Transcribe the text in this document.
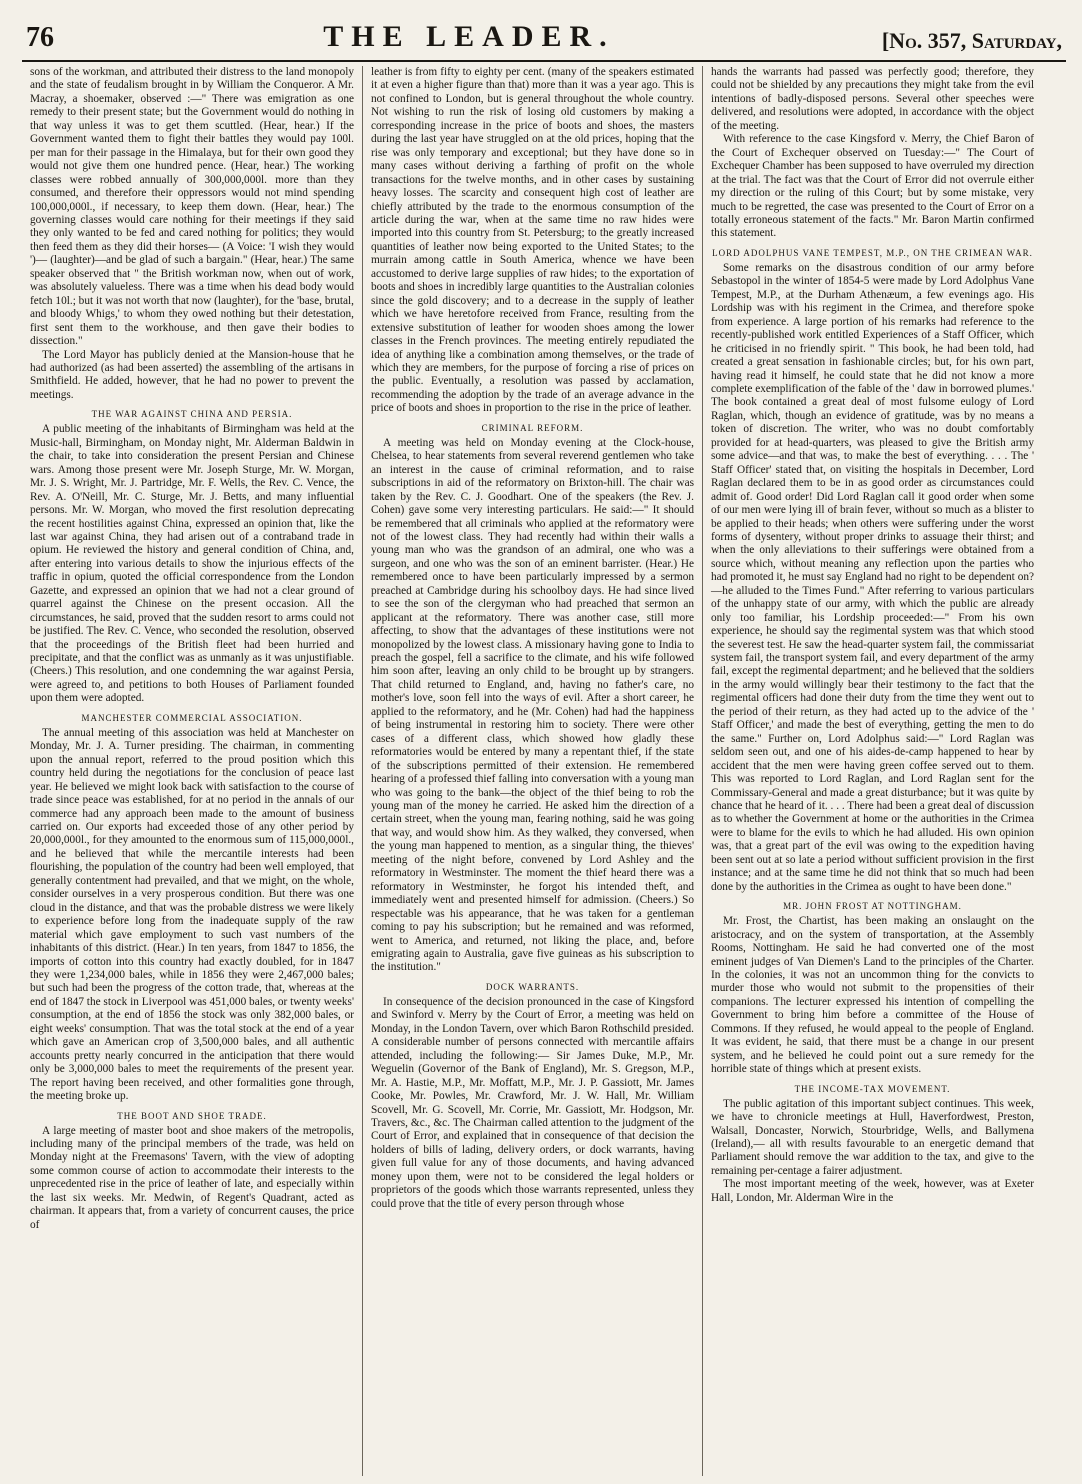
76	THE LEADER.	[No. 357, Saturday,

sons of the workman, and attributed their distress to the land monopoly and the state of feudalism brought in by William the Conqueror. A Mr. Macray, a shoemaker, observed :—" There was emigration as one remedy to their present state; but the Government would do nothing in that way unless it was to get them scuttled. (Hear, hear.) If the Government wanted them to fight their battles they would pay 100l. per man for their passage in the Himalaya, but for their own good they would not give them one hundred pence. (Hear, hear.) The working classes were robbed annually of 300,000,000l. more than they consumed, and therefore their oppressors would not mind spending 100,000,000l., if necessary, to keep them down. (Hear, hear.) The governing classes would care nothing for their meetings if they said they only wanted to be fed and cared nothing for politics; they would then feed them as they did their horses— (A Voice: 'I wish they would ')— (laughter)—and be glad of such a bargain." (Hear, hear.) The same speaker observed that " the British workman now, when out of work, was absolutely valueless. There was a time when his dead body would fetch 10l.; but it was not worth that now (laughter), for the 'base, brutal, and bloody Whigs,' to whom they owed nothing but their detestation, first sent them to the workhouse, and then gave their bodies to dissection."

The Lord Mayor has publicly denied at the Mansion-house that he had authorized (as had been asserted) the assembling of the artisans in Smithfield. He added, however, that he had no power to prevent the meetings.

THE WAR AGAINST CHINA AND PERSIA.

A public meeting of the inhabitants of Birmingham was held at the Music-hall, Birmingham, on Monday night, Mr. Alderman Baldwin in the chair, to take into consideration the present Persian and Chinese wars. Among those present were Mr. Joseph Sturge, Mr. W. Morgan, Mr. J. S. Wright, Mr. J. Partridge, Mr. F. Wells, the Rev. C. Vence, the Rev. A. O'Neill, Mr. C. Sturge, Mr. J. Betts, and many influential persons. Mr. W. Morgan, who moved the first resolution deprecating the recent hostilities against China, expressed an opinion that, like the last war against China, they had arisen out of a contraband trade in opium. He reviewed the history and general condition of China, and, after entering into various details to show the injurious effects of the traffic in opium, quoted the official correspondence from the London Gazette, and expressed an opinion that we had not a clear ground of quarrel against the Chinese on the present occasion. All the circumstances, he said, proved that the sudden resort to arms could not be justified. The Rev. C. Vence, who seconded the resolution, observed that the proceedings of the British fleet had been hurried and precipitate, and that the conflict was as unmanly as it was unjustifiable. (Cheers.) This resolution, and one condemning the war against Persia, were agreed to, and petitions to both Houses of Parliament founded upon them were adopted.

MANCHESTER COMMERCIAL ASSOCIATION.

The annual meeting of this association was held at Manchester on Monday, Mr. J. A. Turner presiding. The chairman, in commenting upon the annual report, referred to the proud position which this country held during the negotiations for the conclusion of peace last year. He believed we might look back with satisfaction to the course of trade since peace was established, for at no period in the annals of our commerce had any approach been made to the amount of business carried on. Our exports had exceeded those of any other period by 20,000,000l., for they amounted to the enormous sum of 115,000,000l., and he believed that while the mercantile interests had been flourishing, the population of the country had been well employed, that generally contentment had prevailed, and that we might, on the whole, consider ourselves in a very prosperous condition. But there was one cloud in the distance, and that was the probable distress we were likely to experience before long from the inadequate supply of the raw material which gave employment to such vast numbers of the inhabitants of this district. (Hear.) In ten years, from 1847 to 1856, the imports of cotton into this country had exactly doubled, for in 1847 they were 1,234,000 bales, while in 1856 they were 2,467,000 bales; but such had been the progress of the cotton trade, that, whereas at the end of 1847 the stock in Liverpool was 451,000 bales, or twenty weeks' consumption, at the end of 1856 the stock was only 382,000 bales, or eight weeks' consumption. That was the total stock at the end of a year which gave an American crop of 3,500,000 bales, and all authentic accounts pretty nearly concurred in the anticipation that there would only be 3,000,000 bales to meet the requirements of the present year. The report having been received, and other formalities gone through, the meeting broke up.

THE BOOT AND SHOE TRADE.

A large meeting of master boot and shoe makers of the metropolis, including many of the principal members of the trade, was held on Monday night at the Freemasons' Tavern, with the view of adopting some common course of action to accommodate their interests to the unprecedented rise in the price of leather of late, and especially within the last six weeks. Mr. Medwin, of Regent's Quadrant, acted as chairman. It appears that, from a variety of concurrent causes, the price of

leather is from fifty to eighty per cent. (many of the speakers estimated it at even a higher figure than that) more than it was a year ago. This is not confined to London, but is general throughout the whole country. Not wishing to run the risk of losing old customers by making a corresponding increase in the price of boots and shoes, the masters during the last year have struggled on at the old prices, hoping that the rise was only temporary and exceptional; but they have done so in many cases without deriving a farthing of profit on the whole transactions for the twelve months, and in other cases by sustaining heavy losses. The scarcity and consequent high cost of leather are chiefly attributed by the trade to the enormous consumption of the article during the war, when at the same time no raw hides were imported into this country from St. Petersburg; to the greatly increased quantities of leather now being exported to the United States; to the murrain among cattle in South America, whence we have been accustomed to derive large supplies of raw hides; to the exportation of boots and shoes in incredibly large quantities to the Australian colonies since the gold discovery; and to a decrease in the supply of leather which we have heretofore received from France, resulting from the extensive substitution of leather for wooden shoes among the lower classes in the French provinces. The meeting entirely repudiated the idea of anything like a combination among themselves, or the trade of which they are members, for the purpose of forcing a rise of prices on the public. Eventually, a resolution was passed by acclamation, recommending the adoption by the trade of an average advance in the price of boots and shoes in proportion to the rise in the price of leather.

CRIMINAL REFORM.

A meeting was held on Monday evening at the Clock-house, Chelsea, to hear statements from several reverend gentlemen who take an interest in the cause of criminal reformation, and to raise subscriptions in aid of the reformatory on Brixton-hill. The chair was taken by the Rev. C. J. Goodhart. One of the speakers (the Rev. J. Cohen) gave some very interesting particulars. He said:—" It should be remembered that all criminals who applied at the reformatory were not of the lowest class. They had recently had within their walls a young man who was the grandson of an admiral, one who was a surgeon, and one who was the son of an eminent barrister. (Hear.) He remembered once to have been particularly impressed by a sermon preached at Cambridge during his schoolboy days. He had since lived to see the son of the clergyman who had preached that sermon an applicant at the reformatory. There was another case, still more affecting, to show that the advantages of these institutions were not monopolized by the lowest class. A missionary having gone to India to preach the gospel, fell a sacrifice to the climate, and his wife followed him soon after, leaving an only child to be brought up by strangers. That child returned to England, and, having no father's care, no mother's love, soon fell into the ways of evil. After a short career, he applied to the reformatory, and he (Mr. Cohen) had had the happiness of being instrumental in restoring him to society. There were other cases of a different class, which showed how gladly these reformatories would be entered by many a repentant thief, if the state of the subscriptions permitted of their extension. He remembered hearing of a professed thief falling into conversation with a young man who was going to the bank—the object of the thief being to rob the young man of the money he carried. He asked him the direction of a certain street, when the young man, fearing nothing, said he was going that way, and would show him. As they walked, they conversed, when the young man happened to mention, as a singular thing, the thieves' meeting of the night before, convened by Lord Ashley and the reformatory in Westminster. The moment the thief heard there was a reformatory in Westminster, he forgot his intended theft, and immediately went and presented himself for admission. (Cheers.) So respectable was his appearance, that he was taken for a gentleman coming to pay his subscription; but he remained and was reformed, went to America, and returned, not liking the place, and, before emigrating again to Australia, gave five guineas as his subscription to the institution."

DOCK WARRANTS.

In consequence of the decision pronounced in the case of Kingsford and Swinford v. Merry by the Court of Error, a meeting was held on Monday, in the London Tavern, over which Baron Rothschild presided. A considerable number of persons connected with mercantile affairs attended, including the following:— Sir James Duke, M.P., Mr. Weguelin (Governor of the Bank of England), Mr. S. Gregson, M.P., Mr. A. Hastie, M.P., Mr. Moffatt, M.P., Mr. J. P. Gassiott, Mr. James Cooke, Mr. Powles, Mr. Crawford, Mr. J. W. Hall, Mr. William Scovell, Mr. G. Scovell, Mr. Corrie, Mr. Gassiott, Mr. Hodgson, Mr. Travers, &c., &c. The Chairman called attention to the judgment of the Court of Error, and explained that in consequence of that decision the holders of bills of lading, delivery orders, or dock warrants, having given full value for any of those documents, and having advanced money upon them, were not to be considered the legal holders or proprietors of the goods which those warrants represented, unless they could prove that the title of every person through whose

hands the warrants had passed was perfectly good; therefore, they could not be shielded by any precautions they might take from the evil intentions of badly-disposed persons. Several other speeches were delivered, and resolutions were adopted, in accordance with the object of the meeting.

With reference to the case Kingsford v. Merry, the Chief Baron of the Court of Exchequer observed on Tuesday:—" The Court of Exchequer Chamber has been supposed to have overruled my direction at the trial. The fact was that the Court of Error did not overrule either my direction or the ruling of this Court; but by some mistake, very much to be regretted, the case was presented to the Court of Error on a totally erroneous statement of the facts." Mr. Baron Martin confirmed this statement.

LORD ADOLPHUS VANE TEMPEST, M.P., ON THE CRIMEAN WAR.

Some remarks on the disastrous condition of our army before Sebastopol in the winter of 1854-5 were made by Lord Adolphus Vane Tempest, M.P., at the Durham Athenæum, a few evenings ago. His Lordship was with his regiment in the Crimea, and therefore spoke from experience. A large portion of his remarks had reference to the recently-published work entitled Experiences of a Staff Officer, which he criticised in no friendly spirit. " This book, he had been told, had created a great sensation in fashionable circles; but, for his own part, having read it himself, he could state that he did not know a more complete exemplification of the fable of the ' daw in borrowed plumes.' The book contained a great deal of most fulsome eulogy of Lord Raglan, which, though an evidence of gratitude, was by no means a token of discretion. The writer, who was no doubt comfortably provided for at head-quarters, was pleased to give the British army some advice—and that was, to make the best of everything. . . . The ' Staff Officer' stated that, on visiting the hospitals in December, Lord Raglan declared them to be in as good order as circumstances could admit of. Good order! Did Lord Raglan call it good order when some of our men were lying ill of brain fever, without so much as a blister to be applied to their heads; when others were suffering under the worst forms of dysentery, without proper drinks to assuage their thirst; and when the only alleviations to their sufferings were obtained from a source which, without meaning any reflection upon the parties who had promoted it, he must say England had no right to be dependent on?—he alluded to the Times Fund." After referring to various particulars of the unhappy state of our army, with which the public are already only too familiar, his Lordship proceeded:—" From his own experience, he should say the regimental system was that which stood the severest test. He saw the head-quarter system fail, the commissariat system fail, the transport system fail, and every department of the army fail, except the regimental department; and he believed that the soldiers in the army would willingly bear their testimony to the fact that the regimental officers had done their duty from the time they went out to the period of their return, as they had acted up to the advice of the ' Staff Officer,' and made the best of everything, getting the men to do the same." Further on, Lord Adolphus said:—" Lord Raglan was seldom seen out, and one of his aides-de-camp happened to hear by accident that the men were having green coffee served out to them. This was reported to Lord Raglan, and Lord Raglan sent for the Commissary-General and made a great disturbance; but it was quite by chance that he heard of it. . . . There had been a great deal of discussion as to whether the Government at home or the authorities in the Crimea were to blame for the evils to which he had alluded. His own opinion was, that a great part of the evil was owing to the expedition having been sent out at so late a period without sufficient provision in the first instance; and at the same time he did not think that so much had been done by the authorities in the Crimea as ought to have been done."

MR. JOHN FROST AT NOTTINGHAM.

Mr. Frost, the Chartist, has been making an onslaught on the aristocracy, and on the system of transportation, at the Assembly Rooms, Nottingham. He said he had converted one of the most eminent judges of Van Diemen's Land to the principles of the Charter. In the colonies, it was not an uncommon thing for the convicts to murder those who would not submit to the propensities of their companions. The lecturer expressed his intention of compelling the Government to bring him before a committee of the House of Commons. If they refused, he would appeal to the people of England. It was evident, he said, that there must be a change in our present system, and he believed he could point out a sure remedy for the horrible state of things which at present exists.

THE INCOME-TAX MOVEMENT.

The public agitation of this important subject continues. This week, we have to chronicle meetings at Hull, Haverfordwest, Preston, Walsall, Doncaster, Norwich, Stourbridge, Wells, and Ballymena (Ireland),— all with results favourable to an energetic demand that Parliament should remove the war addition to the tax, and give to the remaining per-centage a fairer adjustment.

The most important meeting of the week, however, was at Exeter Hall, London, Mr. Alderman Wire in the
